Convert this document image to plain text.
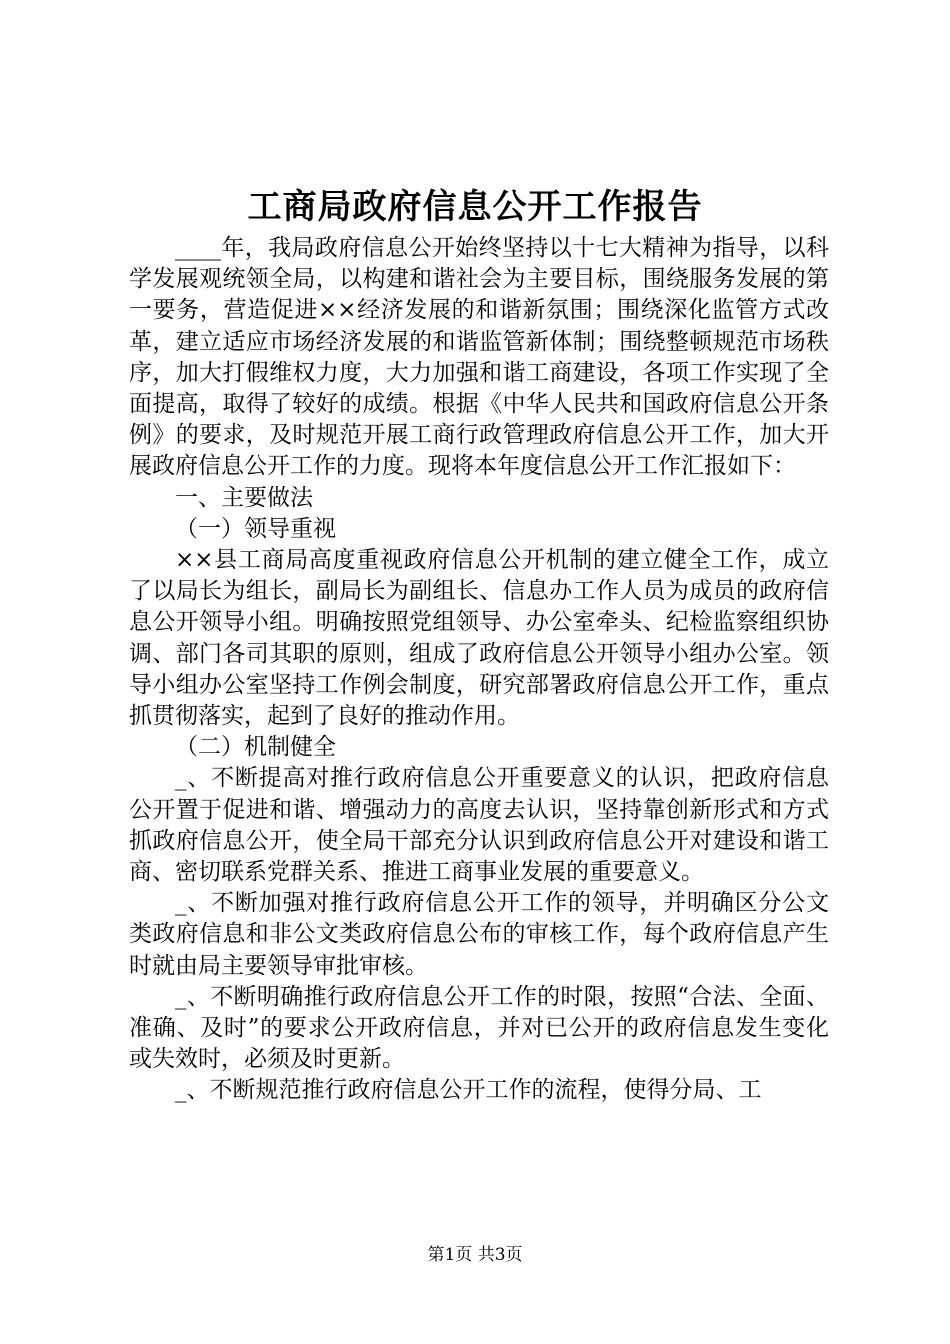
工商局政府信息公开工作报告

____年，我局政府信息公开始终坚持以十七大精神为指导，以科学发展观统领全局，以构建和谐社会为主要目标，围绕服务发展的第一要务，营造促进××经济发展的和谐新氛围；围绕深化监管方式改革，建立适应市场经济发展的和谐监管新体制；围绕整顿规范市场秩序，加大打假维权力度，大力加强和谐工商建设，各项工作实现了全面提高，取得了较好的成绩。根据《中华人民共和国政府信息公开条例》的要求，及时规范开展工商行政管理政府信息公开工作，加大开展政府信息公开工作的力度。现将本年度信息公开工作汇报如下：

一、主要做法

（一）领导重视

××县工商局高度重视政府信息公开机制的建立健全工作，成立了以局长为组长，副局长为副组长、信息办工作人员为成员的政府信息公开领导小组。明确按照党组领导、办公室牵头、纪检监察组织协调、部门各司其职的原则，组成了政府信息公开领导小组办公室。领导小组办公室坚持工作例会制度，研究部署政府信息公开工作，重点抓贯彻落实，起到了良好的推动作用。

（二）机制健全

_、不断提高对推行政府信息公开重要意义的认识，把政府信息公开置于促进和谐、增强动力的高度去认识，坚持靠创新形式和方式抓政府信息公开，使全局干部充分认识到政府信息公开对建设和谐工商、密切联系党群关系、推进工商事业发展的重要意义。

_、不断加强对推行政府信息公开工作的领导，并明确区分公文类政府信息和非公文类政府信息公布的审核工作，每个政府信息产生时就由局主要领导审批审核。

_、不断明确推行政府信息公开工作的时限，按照“合法、全面、准确、及时”的要求公开政府信息，并对已公开的政府信息发生变化或失效时，必须及时更新。

_、不断规范推行政府信息公开工作的流程，使得分局、工

第1页 共3页
